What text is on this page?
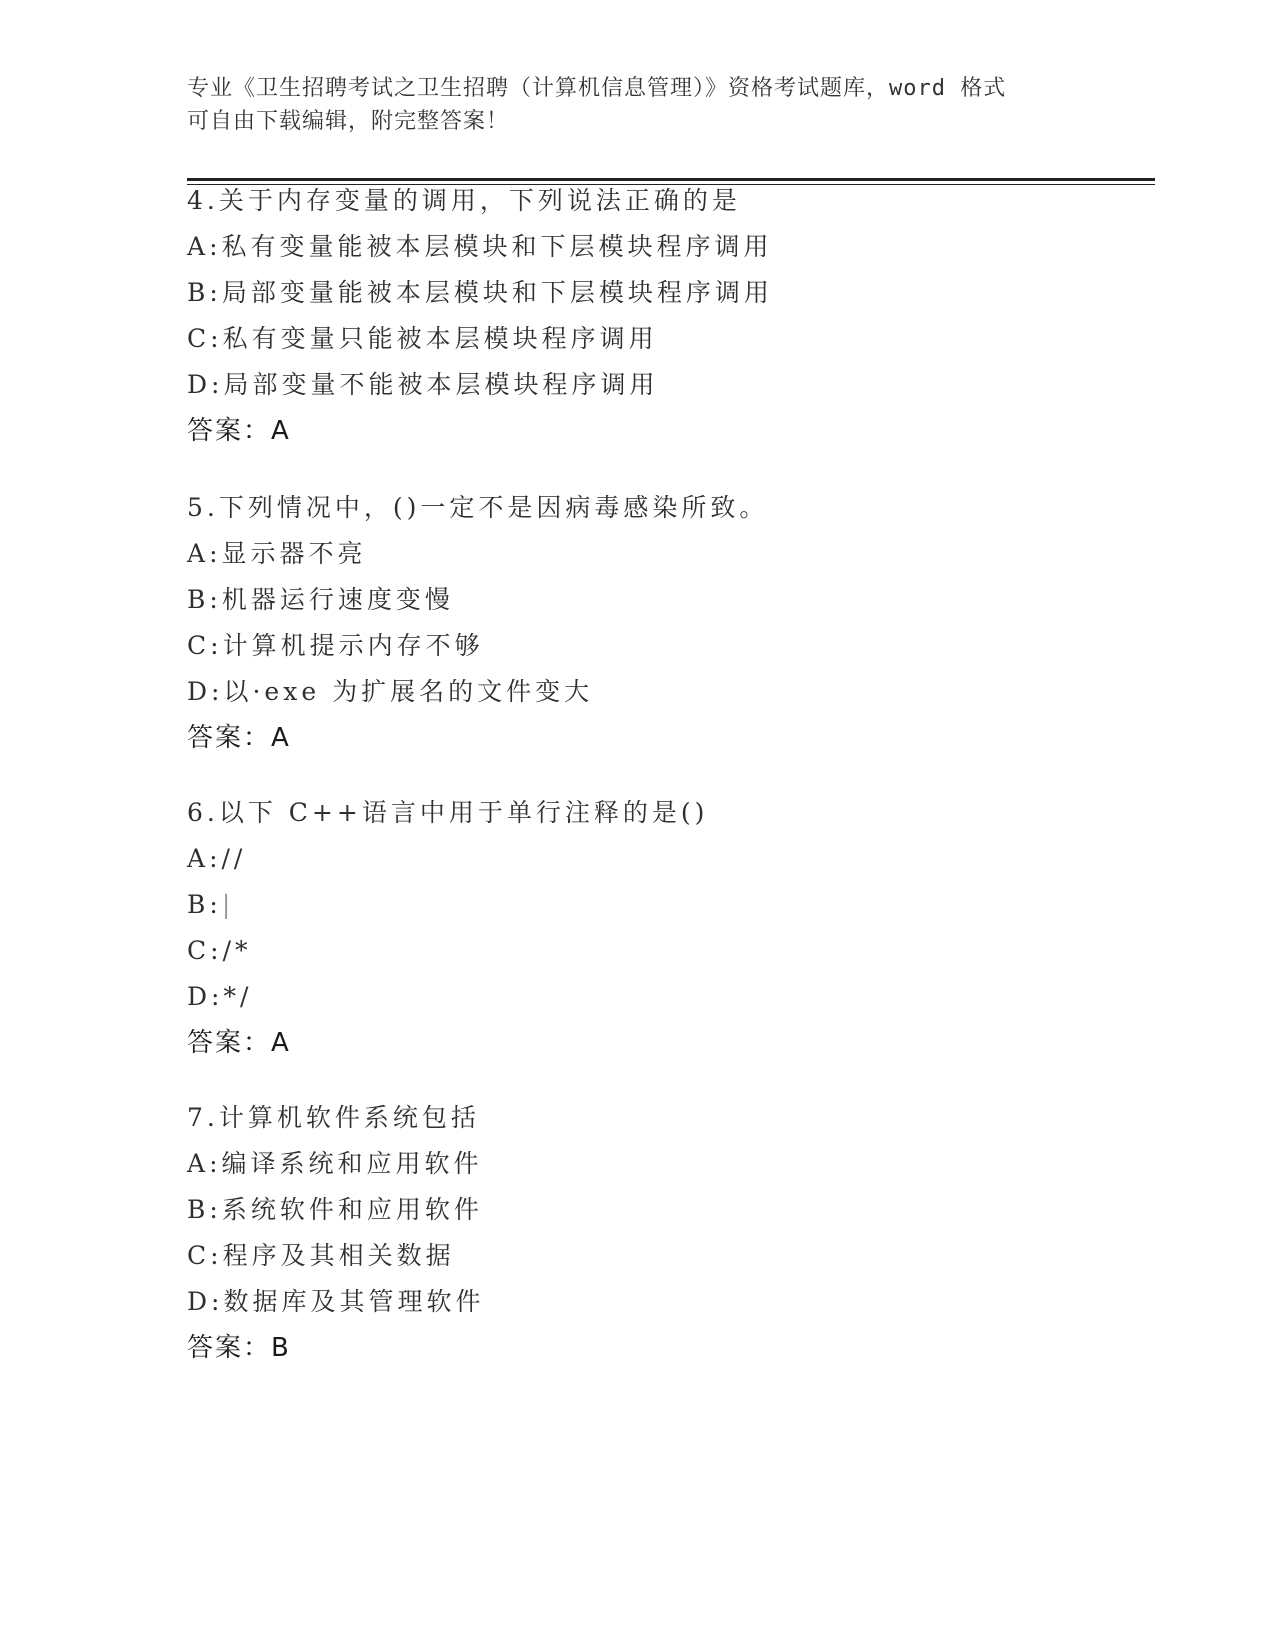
专业《卫生招聘考试之卫生招聘（计算机信息管理）》资格考试题库，word 格式
可自由下载编辑，附完整答案！
4.关于内存变量的调用，下列说法正确的是
A:私有变量能被本层模块和下层模块程序调用
B:局部变量能被本层模块和下层模块程序调用
C:私有变量只能被本层模块程序调用
D:局部变量不能被本层模块程序调用
答案：A
5.下列情况中，()一定不是因病毒感染所致。
A:显示器不亮
B:机器运行速度变慢
C:计算机提示内存不够
D:以·exe 为扩展名的文件变大
答案：A
6.以下 C++语言中用于单行注释的是()
A://
B:|
C:/*
D:*/
答案：A
7.计算机软件系统包括
A:编译系统和应用软件
B:系统软件和应用软件
C:程序及其相关数据
D:数据库及其管理软件
答案：B
